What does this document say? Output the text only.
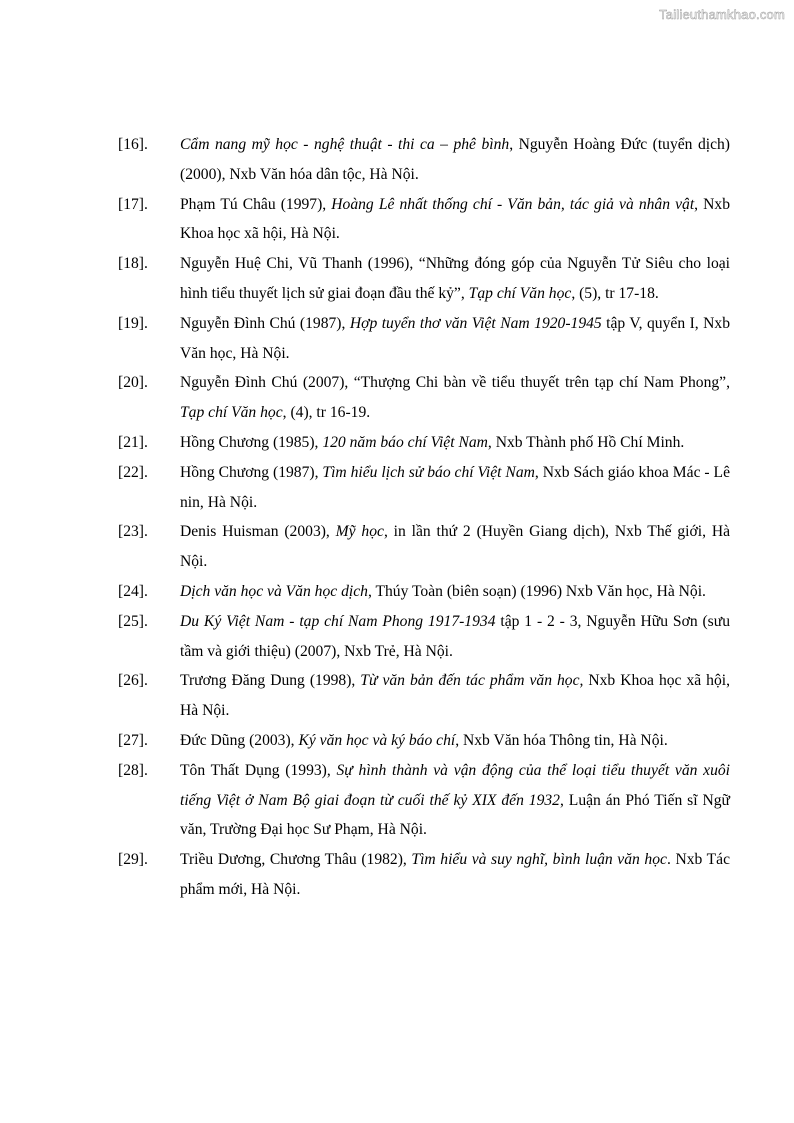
Tailieuthamkhao.com
[16].	Cẩm nang mỹ học - nghệ thuật - thi ca – phê bình, Nguyễn Hoàng Đức (tuyển dịch) (2000), Nxb Văn hóa dân tộc, Hà Nội.
[17].	Phạm Tú Châu (1997), Hoàng Lê nhất thống chí - Văn bản, tác giả và nhân vật, Nxb Khoa học xã hội, Hà Nội.
[18].	Nguyễn Huệ Chi, Vũ Thanh (1996), “Những đóng góp của Nguyễn Tử Siêu cho loại hình tiểu thuyết lịch sử giai đoạn đầu thế kỷ”, Tạp chí Văn học, (5), tr 17-18.
[19].	Nguyễn Đình Chú (1987), Hợp tuyển thơ văn Việt Nam 1920-1945 tập V, quyển I, Nxb Văn học, Hà Nội.
[20].	Nguyễn Đình Chú (2007), “Thượng Chi bàn về tiểu thuyết trên tạp chí Nam Phong”, Tạp chí Văn học, (4), tr 16-19.
[21].	Hồng Chương (1985), 120 năm báo chí Việt Nam, Nxb Thành phố Hồ Chí Minh.
[22].	Hồng Chương (1987), Tìm hiểu lịch sử báo chí Việt Nam, Nxb Sách giáo khoa Mác - Lê nin, Hà Nội.
[23].	Denis Huisman (2003), Mỹ học, in lần thứ 2 (Huyền Giang dịch), Nxb Thế giới, Hà Nội.
[24].	Dịch văn học và Văn học dịch, Thúy Toàn (biên soạn) (1996) Nxb Văn học, Hà Nội.
[25].	Du Ký Việt Nam - tạp chí Nam Phong 1917-1934 tập 1 - 2 - 3, Nguyễn Hữu Sơn (sưu tầm và giới thiệu) (2007), Nxb Trẻ, Hà Nội.
[26].	Trương Đăng Dung (1998), Từ văn bản đến tác phẩm văn học, Nxb Khoa học xã hội, Hà Nội.
[27].	Đức Dũng (2003), Ký văn học và ký báo chí, Nxb Văn hóa Thông tin, Hà Nội.
[28].	Tôn Thất Dụng (1993), Sự hình thành và vận động của thể loại tiểu thuyết văn xuôi tiếng Việt ở Nam Bộ giai đoạn từ cuối thế kỷ XIX đến 1932, Luận án Phó Tiến sĩ Ngữ văn, Trường Đại học Sư Phạm, Hà Nội.
[29].	Triều Dương, Chương Thâu (1982), Tìm hiểu và suy nghĩ, bình luận văn học. Nxb Tác phẩm mới, Hà Nội.
